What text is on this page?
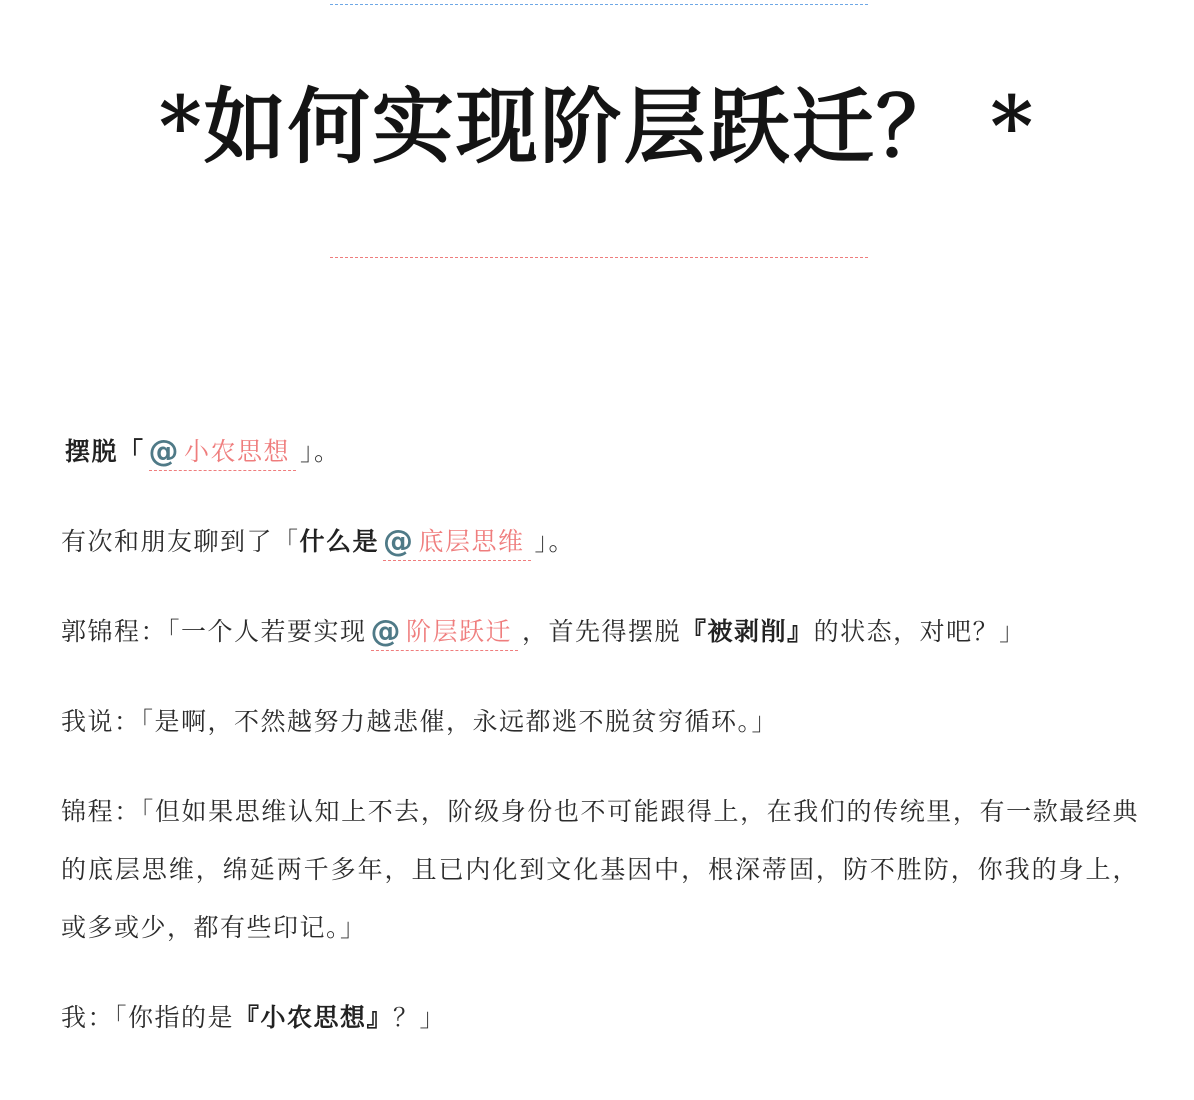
*如何实现阶层跃迁？ *

摆脱「 @ 小农思想 」。

有次和朋友聊到了「什么是 @ 底层思维 」。

郭锦程：「一个人若要实现 @ 阶层跃迁 ，首先得摆脱『被剥削』的状态，对吧？」

我说：「是啊，不然越努力越悲催，永远都逃不脱贫穷循环。」

锦程：「但如果思维认知上不去，阶级身份也不可能跟得上，在我们的传统里，有一款最经典的底层思维，绵延两千多年，且已内化到文化基因中，根深蒂固，防不胜防，你我的身上，或多或少，都有些印记。」

我：「你指的是『小农思想』？」
